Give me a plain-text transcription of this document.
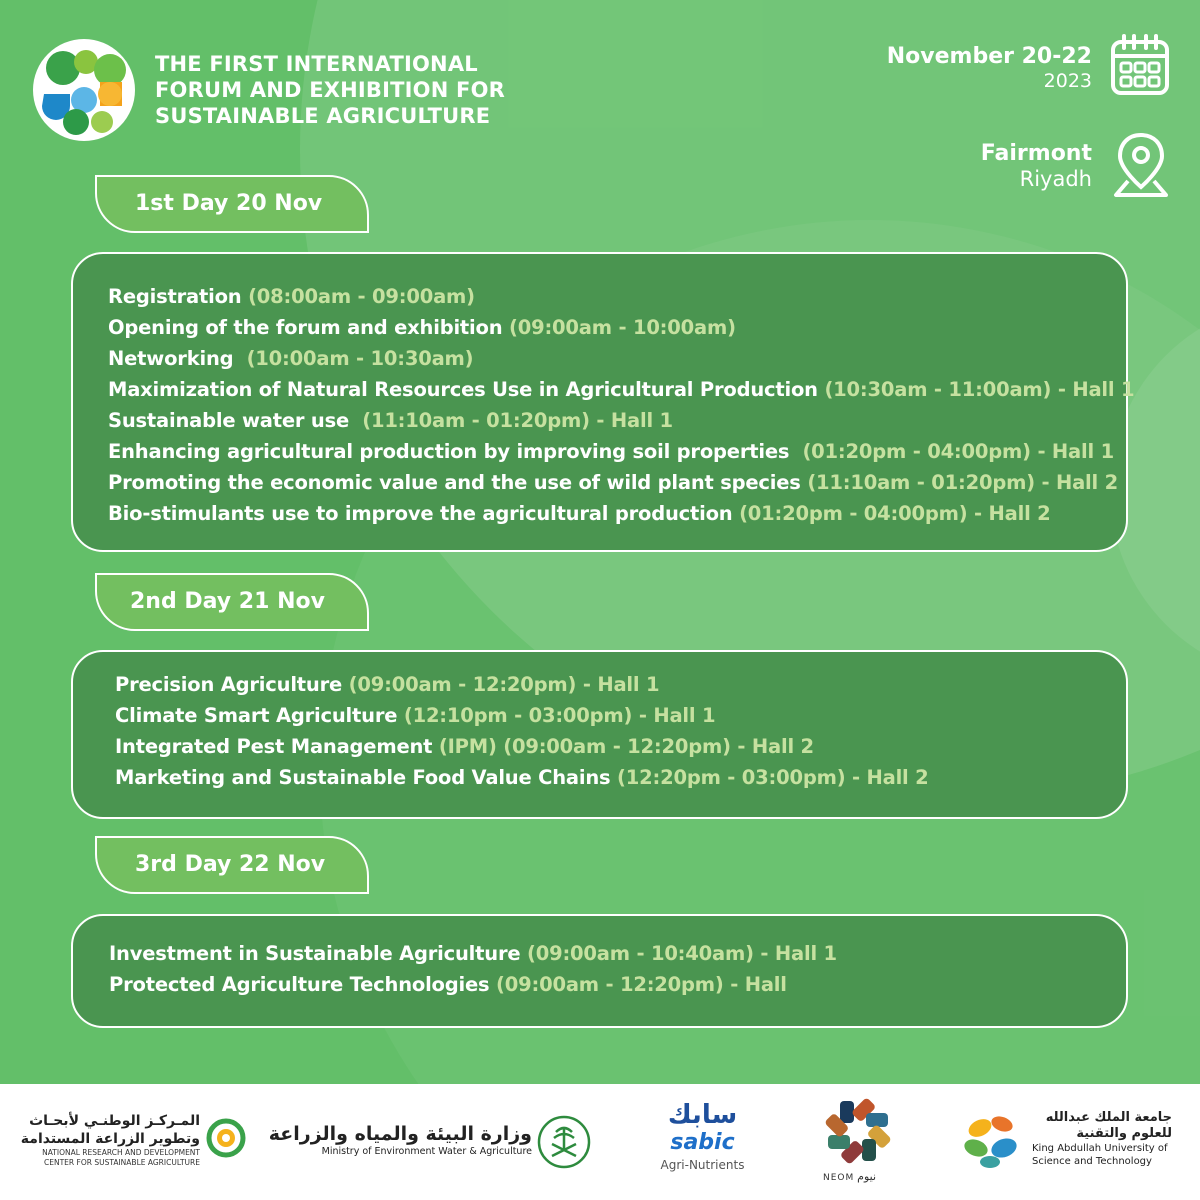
THE FIRST INTERNATIONAL
FORUM AND EXHIBITION FOR
SUSTAINABLE AGRICULTURE
November 20-22
2023
Fairmont
Riyadh
1st Day 20 Nov
Registration (08:00am - 09:00am)
Opening of the forum and exhibition (09:00am - 10:00am)
Networking (10:00am - 10:30am)
Maximization of Natural Resources Use in Agricultural Production (10:30am - 11:00am) - Hall 1
Sustainable water use (11:10am - 01:20pm) - Hall 1
Enhancing agricultural production by improving soil properties (01:20pm - 04:00pm) - Hall 1
Promoting the economic value and the use of wild plant species (11:10am - 01:20pm) - Hall 2
Bio-stimulants use to improve the agricultural production (01:20pm - 04:00pm) - Hall 2
2nd Day 21 Nov
Precision Agriculture (09:00am - 12:20pm) - Hall 1
Climate Smart Agriculture (12:10pm - 03:00pm) - Hall 1
Integrated Pest Management (IPM) (09:00am - 12:20pm) - Hall 2
Marketing and Sustainable Food Value Chains (12:20pm - 03:00pm) - Hall 2
3rd Day 22 Nov
Investment in Sustainable Agriculture (09:00am - 10:40am) - Hall 1
Protected Agriculture Technologies (09:00am - 12:20pm) - Hall
المـركـز الوطنـي لأبحـاث
وتطوير الزراعة المستدامة
NATIONAL RESEARCH AND DEVELOPMENT
CENTER FOR SUSTAINABLE AGRICULTURE
وزارة البيئة والمياه والزراعة
Ministry of Environment Water & Agriculture
سابك
sabic
Agri-Nutrients
NEOM نيوم
جامعة الملك عبدالله
للعلوم والتقنية
King Abdullah University of
Science and Technology
